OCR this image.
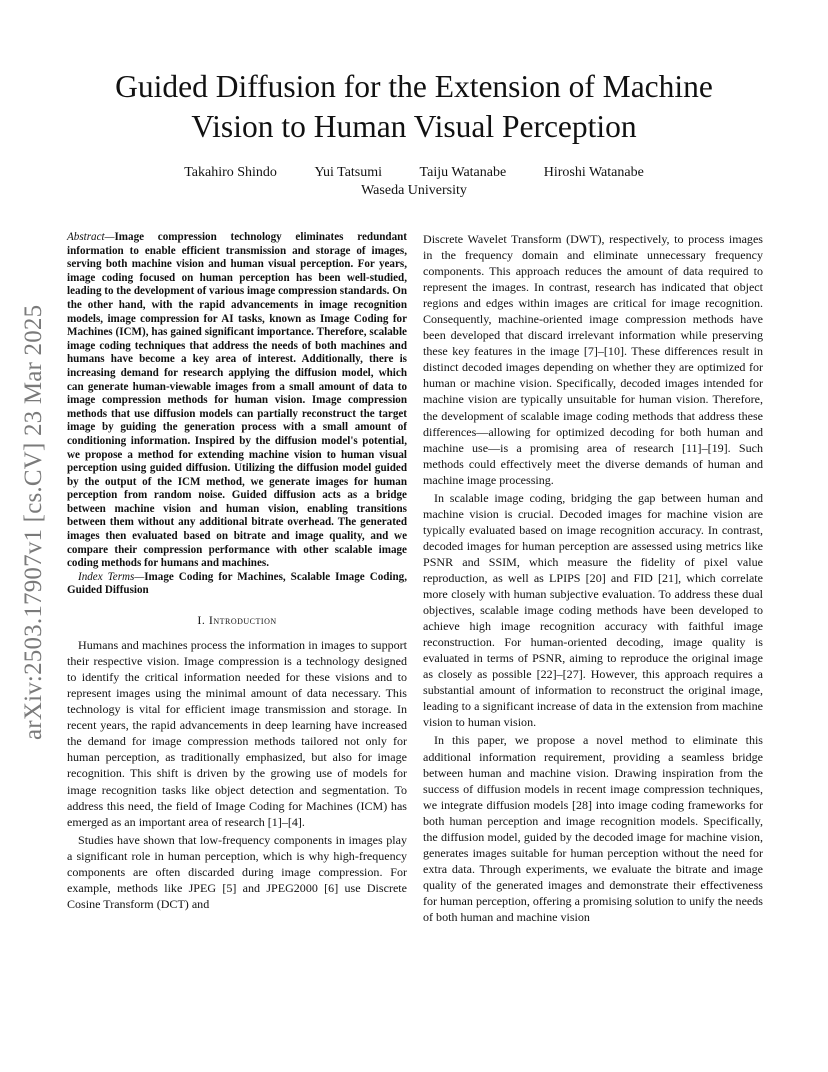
arXiv:2503.17907v1 [cs.CV] 23 Mar 2025
Guided Diffusion for the Extension of Machine
Vision to Human Visual Perception
Takahiro Shindo	Yui Tatsumi	Taiju Watanabe	Hiroshi Watanabe
Waseda University

Abstract—Image compression technology eliminates redundant information to enable efficient transmission and storage of images, serving both machine vision and human visual perception. For years, image coding focused on human perception has been well-studied, leading to the development of various image compression standards. On the other hand, with the rapid advancements in image recognition models, image compression for AI tasks, known as Image Coding for Machines (ICM), has gained significant importance. Therefore, scalable image coding techniques that address the needs of both machines and humans have become a key area of interest. Additionally, there is increasing demand for research applying the diffusion model, which can generate human-viewable images from a small amount of data to image compression methods for human vision. Image compression methods that use diffusion models can partially reconstruct the target image by guiding the generation process with a small amount of conditioning information. Inspired by the diffusion model's potential, we propose a method for extending machine vision to human visual perception using guided diffusion. Utilizing the diffusion model guided by the output of the ICM method, we generate images for human perception from random noise. Guided diffusion acts as a bridge between machine vision and human vision, enabling transitions between them without any additional bitrate overhead. The generated images then evaluated based on bitrate and image quality, and we compare their compression performance with other scalable image coding methods for humans and machines.

Index Terms—Image Coding for Machines, Scalable Image Coding, Guided Diffusion

I. Introduction

Humans and machines process the information in images to support their respective vision. Image compression is a technology designed to identify the critical information needed for these visions and to represent images using the minimal amount of data necessary. This technology is vital for efficient image transmission and storage. In recent years, the rapid advancements in deep learning have increased the demand for image compression methods tailored not only for human perception, as traditionally emphasized, but also for image recognition. This shift is driven by the growing use of models for image recognition tasks like object detection and segmentation. To address this need, the field of Image Coding for Machines (ICM) has emerged as an important area of research [1]–[4].

Studies have shown that low-frequency components in images play a significant role in human perception, which is why high-frequency components are often discarded during image compression. For example, methods like JPEG [5] and JPEG2000 [6] use Discrete Cosine Transform (DCT) and

Discrete Wavelet Transform (DWT), respectively, to process images in the frequency domain and eliminate unnecessary frequency components. This approach reduces the amount of data required to represent the images. In contrast, research has indicated that object regions and edges within images are critical for image recognition. Consequently, machine-oriented image compression methods have been developed that discard irrelevant information while preserving these key features in the image [7]–[10]. These differences result in distinct decoded images depending on whether they are optimized for human or machine vision. Specifically, decoded images intended for machine vision are typically unsuitable for human vision. Therefore, the development of scalable image coding methods that address these differences—allowing for optimized decoding for both human and machine use—is a promising area of research [11]–[19]. Such methods could effectively meet the diverse demands of human and machine image processing.

In scalable image coding, bridging the gap between human and machine vision is crucial. Decoded images for machine vision are typically evaluated based on image recognition accuracy. In contrast, decoded images for human perception are assessed using metrics like PSNR and SSIM, which measure the fidelity of pixel value reproduction, as well as LPIPS [20] and FID [21], which correlate more closely with human subjective evaluation. To address these dual objectives, scalable image coding methods have been developed to achieve high image recognition accuracy with faithful image reconstruction. For human-oriented decoding, image quality is evaluated in terms of PSNR, aiming to reproduce the original image as closely as possible [22]–[27]. However, this approach requires a substantial amount of information to reconstruct the original image, leading to a significant increase of data in the extension from machine vision to human vision.

In this paper, we propose a novel method to eliminate this additional information requirement, providing a seamless bridge between human and machine vision. Drawing inspiration from the success of diffusion models in recent image compression techniques, we integrate diffusion models [28] into image coding frameworks for both human perception and image recognition models. Specifically, the diffusion model, guided by the decoded image for machine vision, generates images suitable for human perception without the need for extra data. Through experiments, we evaluate the bitrate and image quality of the generated images and demonstrate their effectiveness for human perception, offering a promising solution to unify the needs of both human and machine vision
